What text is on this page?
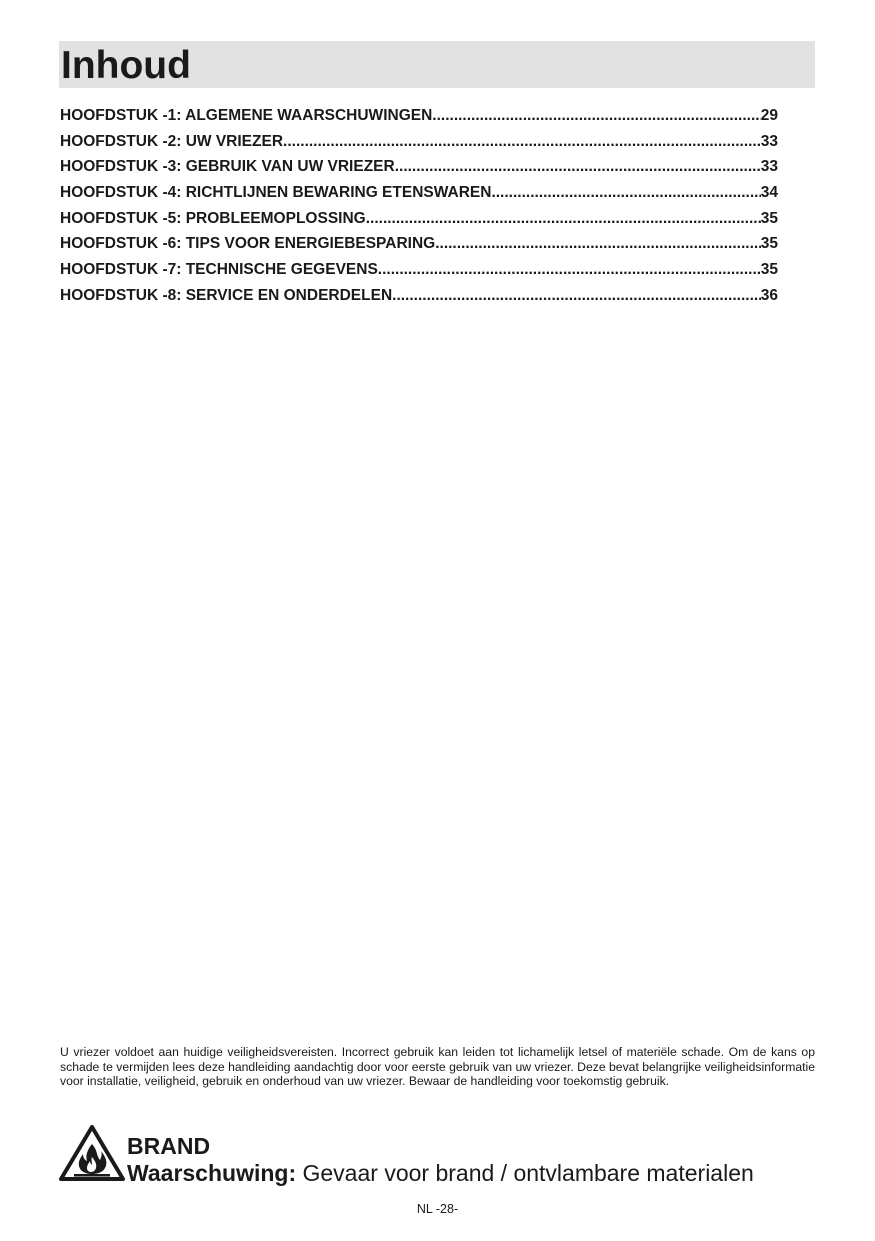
Inhoud
HOOFDSTUK -1: ALGEMENE WAARSCHUWINGEN .....	29
HOOFDSTUK -2: UW VRIEZER .....	33
HOOFDSTUK -3: GEBRUIK VAN UW VRIEZER .....	33
HOOFDSTUK -4: RICHTLIJNEN BEWARING ETENSWAREN .....	34
HOOFDSTUK -5: PROBLEEMOPLOSSING .....	35
HOOFDSTUK -6: TIPS VOOR ENERGIEBESPARING .....	35
HOOFDSTUK -7: TECHNISCHE GEGEVENS .....	35
HOOFDSTUK -8: SERVICE EN ONDERDELEN .....	36

U vriezer voldoet aan huidige veiligheidsvereisten. Incorrect gebruik kan leiden tot lichamelijk letsel of materiële schade. Om de kans op schade te vermijden lees deze handleiding aandachtig door voor eerste gebruik van uw vriezer. Deze bevat belangrijke veiligheidsinformatie voor installatie, veiligheid, gebruik en onderhoud van uw vriezer. Bewaar de handleiding voor toekomstig gebruik.

BRAND
Waarschuwing: Gevaar voor brand / ontvlambare materialen
NL -28-
